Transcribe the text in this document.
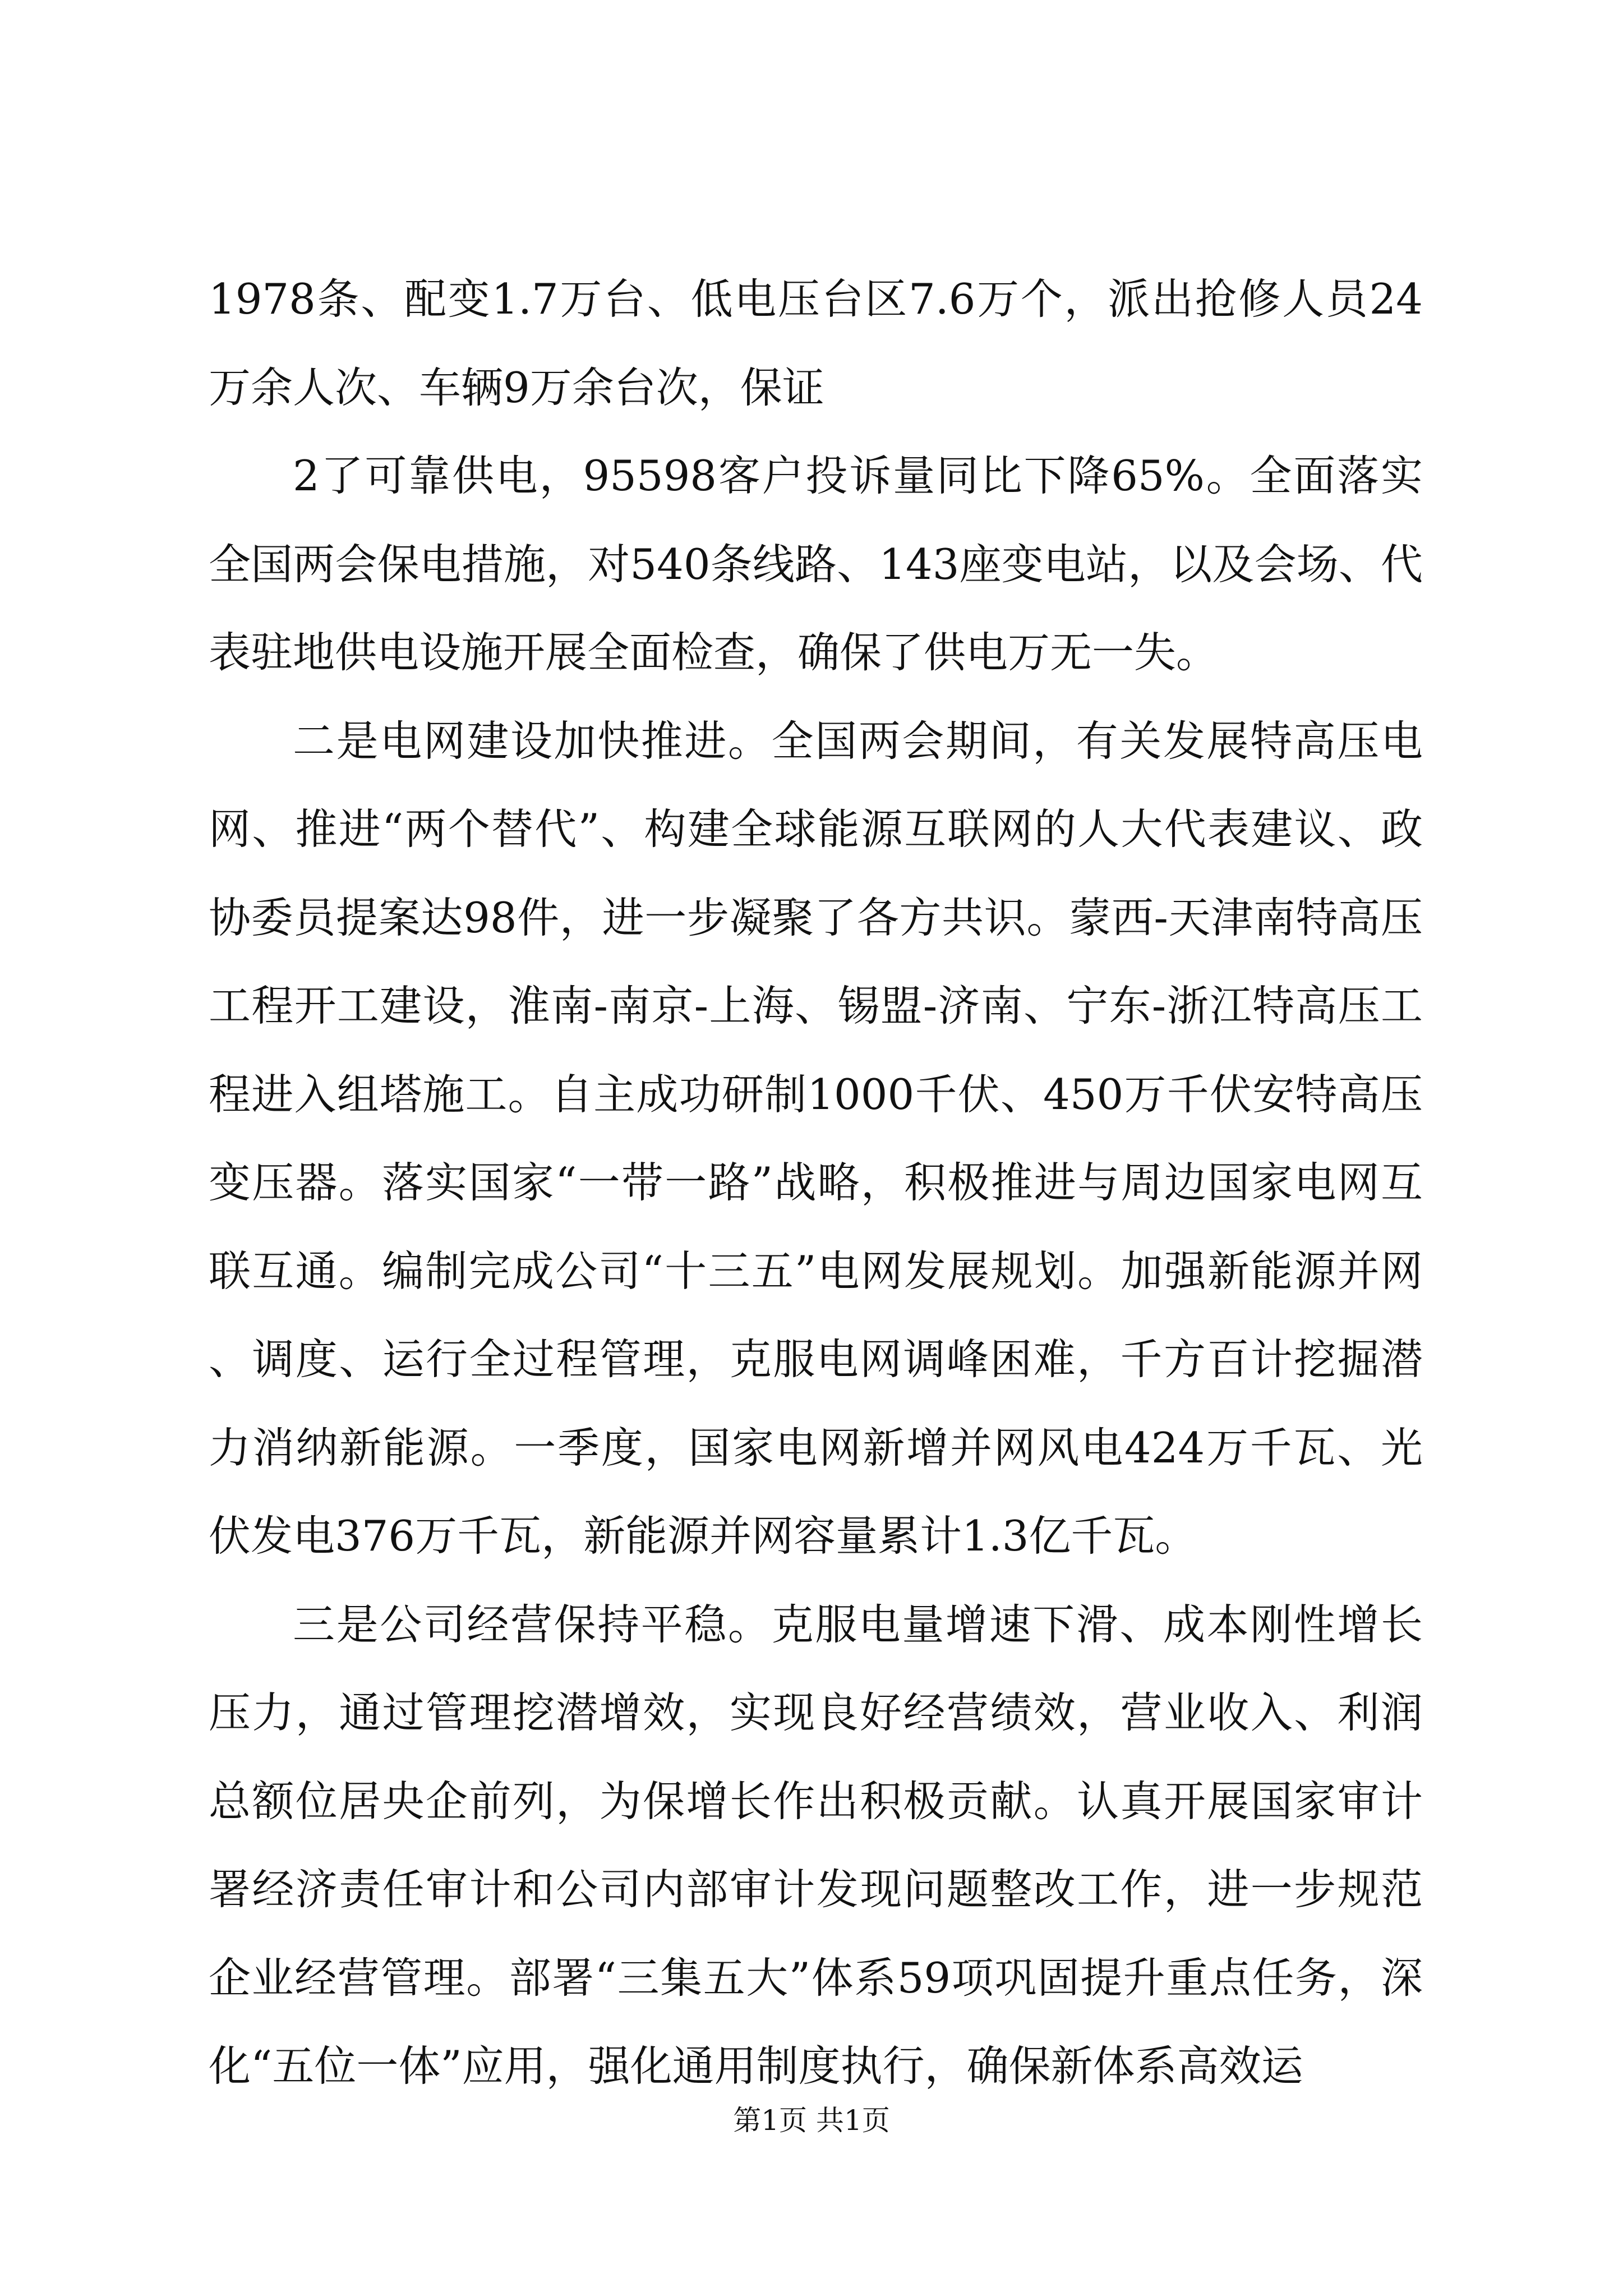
1978条、配变1.7万台、低电压台区7.6万个，派出抢修人员24万余人次、车辆9万余台次，保证

2了可靠供电，95598客户投诉量同比下降65%。全面落实全国两会保电措施，对540条线路、143座变电站，以及会场、代表驻地供电设施开展全面检查，确保了供电万无一失。

二是电网建设加快推进。全国两会期间，有关发展特高压电网、推进“两个替代”、构建全球能源互联网的人大代表建议、政协委员提案达98件，进一步凝聚了各方共识。蒙西-天津南特高压工程开工建设，淮南-南京-上海、锡盟-济南、宁东-浙江特高压工程进入组塔施工。自主成功研制1000千伏、450万千伏安特高压变压器。落实国家“一带一路”战略，积极推进与周边国家电网互联互通。编制完成公司“十三五”电网发展规划。加强新能源并网、调度、运行全过程管理，克服电网调峰困难，千方百计挖掘潜力消纳新能源。一季度，国家电网新增并网风电424万千瓦、光伏发电376万千瓦，新能源并网容量累计1.3亿千瓦。

三是公司经营保持平稳。克服电量增速下滑、成本刚性增长压力，通过管理挖潜增效，实现良好经营绩效，营业收入、利润总额位居央企前列，为保增长作出积极贡献。认真开展国家审计署经济责任审计和公司内部审计发现问题整改工作，进一步规范企业经营管理。部署“三集五大”体系59项巩固提升重点任务，深化“五位一体”应用，强化通用制度执行，确保新体系高效运

第1页 共1页
